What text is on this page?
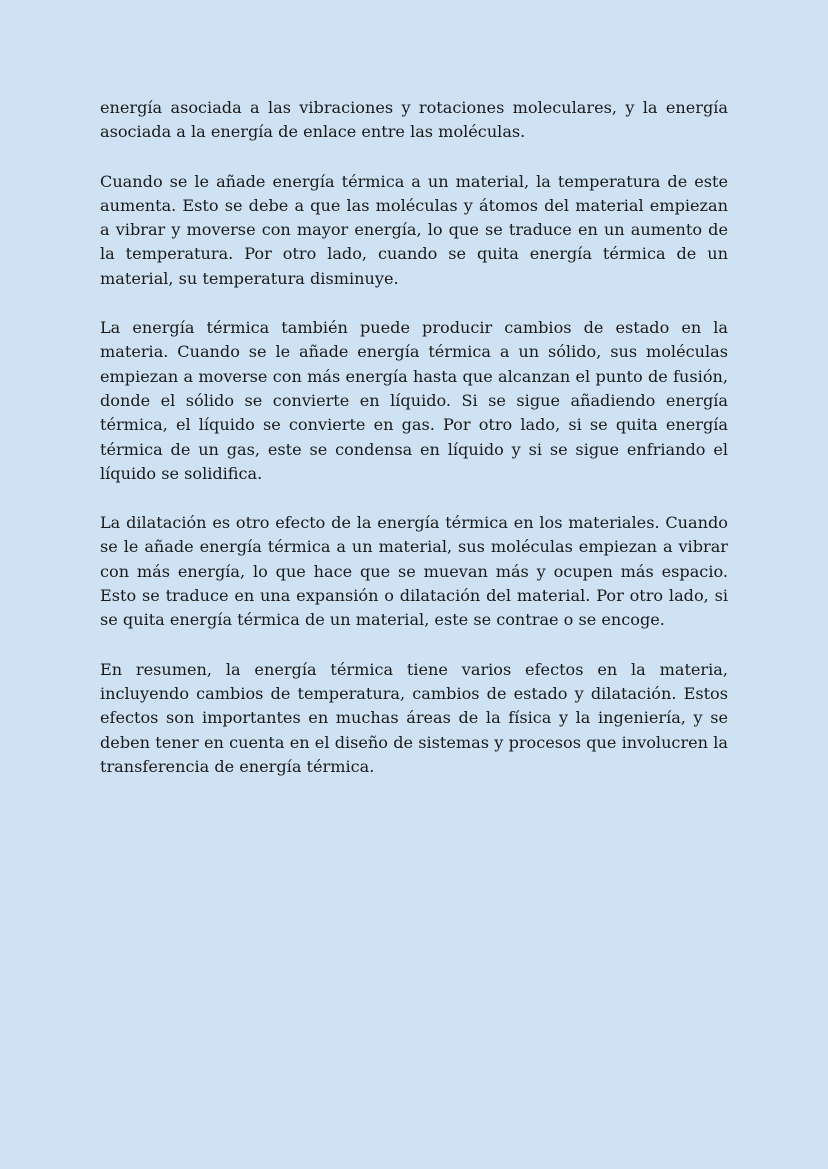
energía asociada a las vibraciones y rotaciones moleculares, y la energía asociada a la energía de enlace entre las moléculas.

Cuando se le añade energía térmica a un material, la temperatura de este aumenta. Esto se debe a que las moléculas y átomos del material empiezan a vibrar y moverse con mayor energía, lo que se traduce en un aumento de la temperatura. Por otro lado, cuando se quita energía térmica de un material, su temperatura disminuye.

La energía térmica también puede producir cambios de estado en la materia. Cuando se le añade energía térmica a un sólido, sus moléculas empiezan a moverse con más energía hasta que alcanzan el punto de fusión, donde el sólido se convierte en líquido. Si se sigue añadiendo energía térmica, el líquido se convierte en gas. Por otro lado, si se quita energía térmica de un gas, este se condensa en líquido y si se sigue enfriando el líquido se solidifica.

La dilatación es otro efecto de la energía térmica en los materiales. Cuando se le añade energía térmica a un material, sus moléculas empiezan a vibrar con más energía, lo que hace que se muevan más y ocupen más espacio. Esto se traduce en una expansión o dilatación del material. Por otro lado, si se quita energía térmica de un material, este se contrae o se encoge.

En resumen, la energía térmica tiene varios efectos en la materia, incluyendo cambios de temperatura, cambios de estado y dilatación. Estos efectos son importantes en muchas áreas de la física y la ingeniería, y se deben tener en cuenta en el diseño de sistemas y procesos que involucren la transferencia de energía térmica.
